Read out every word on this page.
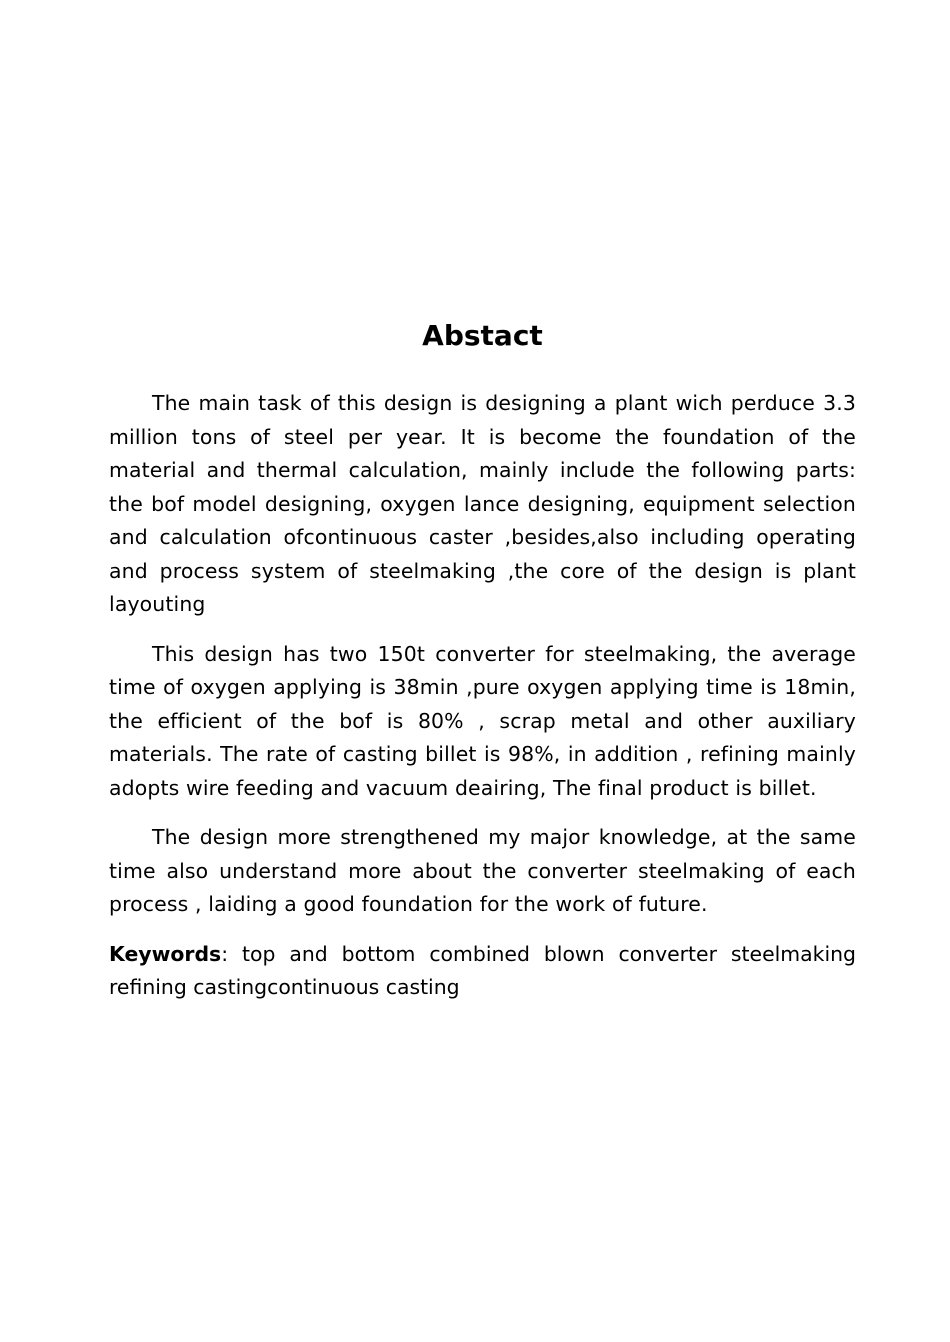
Abstact

The main task of this design is designing a plant wich perduce 3.3 million tons of steel per year. It is become the foundation of the material and thermal calculation, mainly include the following parts: the bof model designing, oxygen lance designing, equipment selection and calculation ofcontinuous caster ,besides,also including operating and process system of steelmaking ,the core of the design is plant layouting

This design has two 150t converter for steelmaking, the average time of oxygen applying is 38min ,pure oxygen applying time is 18min, the efficient of the bof is 80% , scrap metal and other auxiliary materials. The rate of casting billet is 98%, in addition , refining mainly adopts wire feeding and vacuum deairing, The final product is billet.

The design more strengthened my major knowledge, at the same time also understand more about the converter steelmaking of each process , laiding a good foundation for the work of future.

Keywords: top and bottom combined blown converter steelmaking refining castingcontinuous casting
